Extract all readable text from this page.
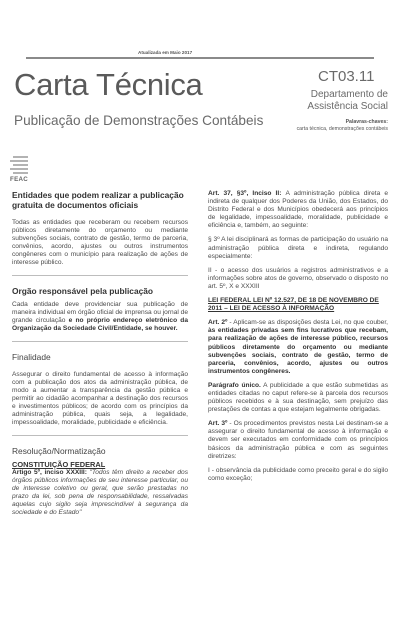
Atualizada em Maio 2017
Carta Técnica
Publicação de Demonstrações Contábeis
CT03.11
Departamento de Assistência Social
Palavras-chaves:
carta técnica, demonstrações contábeis
FEAC
Entidades que podem realizar a publicação gratuita de documentos oficiais

Todas as entidades que receberam ou recebem recursos públicos diretamente do orçamento ou mediante subvenções sociais, contrato de gestão, termo de parceria, convênios, acordo, ajustes ou outros instrumentos congêneres com o município para realização de ações de interesse público.

Orgão responsável pela publicação

Cada entidade deve providenciar sua publicação de maneira individual em órgão oficial de imprensa ou jornal de grande circulação e no próprio endereço eletrônico da Organização da Sociedade Civil/Entidade, se houver.

Finalidade

Assegurar o direito fundamental de acesso à informação com a publicação dos atos da administração pública, de modo a aumentar a transparência da gestão pública e permitir ao cidadão acompanhar a destinação dos recursos e investimentos públicos; de acordo com os princípios da administração pública, quais seja, a legalidade, impessoalidade, moralidade, publicidade e eficiência.

Resolução/Normatização
CONSTITUIÇÃO FEDERAL

Artigo 5º, inciso XXXIII: "Todos têm direito a receber dos órgãos públicos informações de seu interesse particular, ou de interesse coletivo ou geral, que serão prestadas no prazo da lei, sob pena de responsabilidade, ressalvadas aquelas cujo sigilo seja imprescindível à segurança da sociedade e do Estado"

Art. 37, §3º, Inciso II: A administração pública direta e indireta de qualquer dos Poderes da União, dos Estados, do Distrito Federal e dos Municípios obedecerá aos princípios de legalidade, impessoalidade, moralidade, publicidade e eficiência e, também, ao seguinte:

§ 3º A lei disciplinará as formas de participação do usuário na administração pública direta e indireta, regulando especialmente:

II - o acesso dos usuários a registros administrativos e a informações sobre atos de governo, observado o disposto no art. 5º, X e XXXIII

LEI FEDERAL LEI Nº 12.527, DE 18 DE NOVEMBRO DE 2011 – LEI DE ACESSO À INFORMAÇÃO

Art. 2º - Aplicam-se as disposições desta Lei, no que couber, às entidades privadas sem fins lucrativos que recebam, para realização de ações de interesse público, recursos públicos diretamente do orçamento ou mediante subvenções sociais, contrato de gestão, termo de parceria, convênios, acordo, ajustes ou outros instrumentos congêneres.

Parágrafo único. A publicidade a que estão submetidas as entidades citadas no caput refere-se à parcela dos recursos públicos recebidos e à sua destinação, sem prejuízo das prestações de contas a que estejam legalmente obrigadas.

Art. 3º - Os procedimentos previstos nesta Lei destinam-se a assegurar o direito fundamental de acesso à informação e devem ser executados em conformidade com os princípios básicos da administração pública e com as seguintes diretrizes:

I - observância da publicidade como preceito geral e do sigilo como exceção;
